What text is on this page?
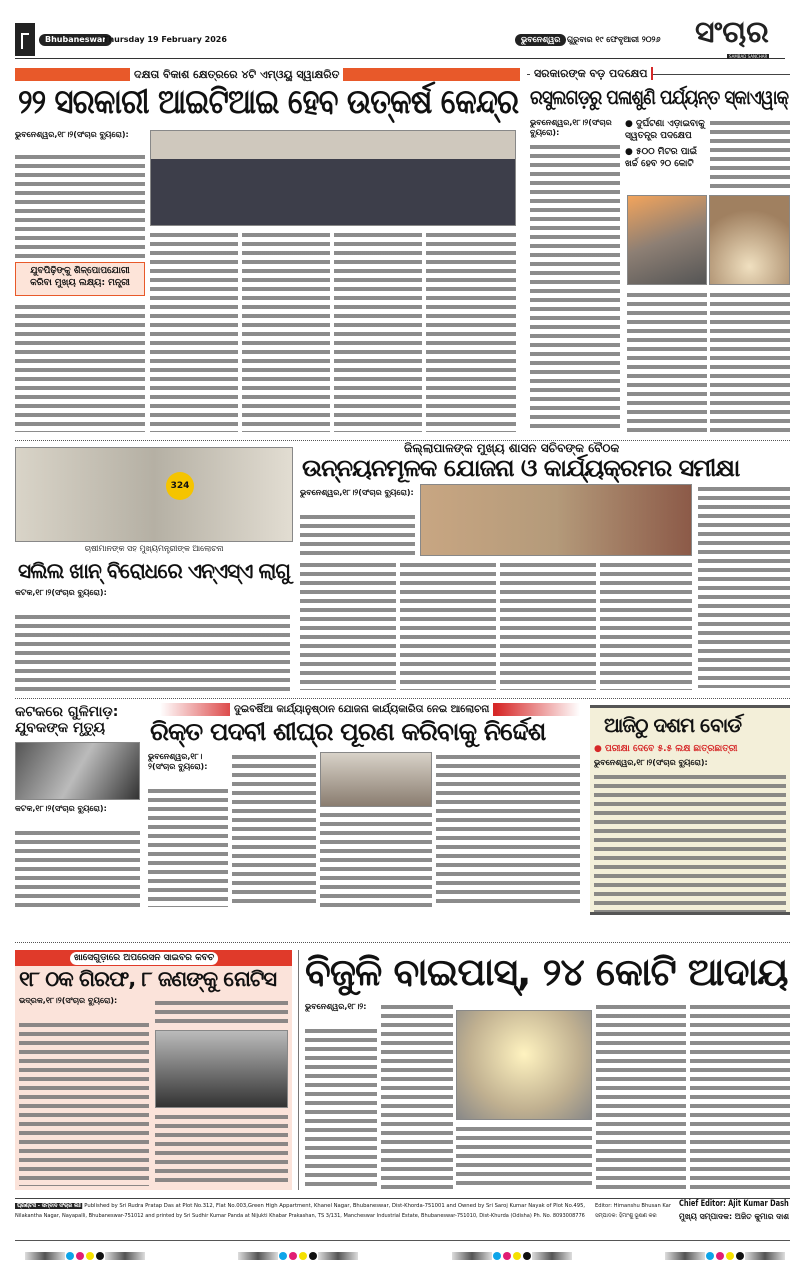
Bhubaneswar
Thursday 19 February 2026	ଭୁବନେଶ୍ୱର ଗୁରୁବାର ୧୯ ଫେବୃଆରୀ ୨୦୨୬ ସଂଚାର
SAMBAD SANCHAR
ଦକ୍ଷତା ବିକାଶ କ୍ଷେତ୍ରରେ ୪ଟି ଏମ୍‌ଓୟୁ ସ୍ୱାକ୍ଷରିତ
୨୨ ସରକାରୀ ଆଇଟିଆଇ ହେବ ଉତ୍କର୍ଷ କେନ୍ଦ୍ର
ଭୁବନେଶ୍ୱର,୧୮।୨(ସଂଚାର ବ୍ୟୁରୋ):
ଯୁବପିଢ଼ିଙ୍କୁ ଶିଳ୍ପୋପଯୋଗୀ କରିବା ମୁଖ୍ୟ ଲକ୍ଷ୍ୟ: ମନ୍ତ୍ରୀ
ସରକାରଙ୍କ ବଡ଼ ପଦକ୍ଷେପ
ରସୁଲଗଡ଼ରୁ ପଳାଶୁଣି ପର୍ଯ୍ୟନ୍ତ ସ୍କାଏୱାକ୍
ଭୁବନେଶ୍ୱର,୧୮।୨(ସଂଚାର ବ୍ୟୁରୋ):
● ଦୁର୍ଘଟଣା ଏଡ଼ାଇବାକୁ ସ୍ୱତନ୍ତ୍ର ପଦକ୍ଷେପ
● ୫୦୦ ମିଟର ପାଇଁ ଖର୍ଚ୍ଚ ହେବ ୨୦ କୋଟି
324
ଚାଷୀମାନଙ୍କ ସହ ମୁଖ୍ୟମନ୍ତ୍ରୀଙ୍କ ଆଲୋଚନା
ଜିଲ୍ଲାପାଳଙ୍କ ମୁଖ୍ୟ ଶାସନ ସଚିବଙ୍କ ବୈଠକ
ଉନ୍ନୟନମୂଳକ ଯୋଜନା ଓ କାର୍ଯ୍ୟକ୍ରମର ସମୀକ୍ଷା
ଭୁବନେଶ୍ୱର,୧୮।୨(ସଂଚାର ବ୍ୟୁରୋ):
ସଲିଲ ଖାନ୍ ବିରୋଧରେ ଏନ୍‌ଏସ୍‌ଏ ଲାଗୁ
କଟକ,୧୮।୨(ସଂଚାର ବ୍ୟୁରୋ):
କଟକରେ ଗୁଳିମାଡ଼: ଯୁବକଙ୍କ ମୃତ୍ୟୁ
କଟକ,୧୮।୨(ସଂଚାର ବ୍ୟୁରୋ):
ଦୁଇବର୍ଷିଆ କାର୍ଯ୍ୟାନୁଷ୍ଠାନ ଯୋଜନା କାର୍ଯ୍ୟକାରିତା ନେଇ ଆଲୋଚନା
ରିକ୍ତ ପଦବୀ ଶୀଘ୍ର ପୂରଣ କରିବାକୁ ନିର୍ଦ୍ଦେଶ
ଭୁବନେଶ୍ୱର,୧୮।୨(ସଂଚାର ବ୍ୟୁରୋ):
ଆଜିଠୁ ଦଶମ ବୋର୍ଡ
● ପରୀକ୍ଷା ଦେବେ ୫.୫ ଲକ୍ଷ ଛାତ୍ରଛାତ୍ରୀ
ଭୁବନେଶ୍ୱର,୧୮।୨(ସଂଚାର ବ୍ୟୁରୋ):
ଖାସେଗୁଡ଼ାରେ ଅପରେସନ ସାଇବର କବଚ
୧୮ ଠକ ଗିରଫ, ୮ ଜଣଙ୍କୁ ନୋଟିସ
ଭଦ୍ରକ,୧୮।୨(ସଂଚାର ବ୍ୟୁରୋ):
ବିଜୁଳି ବାଇପାସ୍, ୨୪ କୋଟି ଆଦାୟ
ଭୁବନେଶ୍ୱର,୧୮।୨:
ପ୍ରିଣ୍ଟର୍ସ - ସମ୍ବାଦ ସଂଚାର ଲିଃ Published by Sri Rudra Pratap Das at Plot No.312, Flat No.003,Green High Appartment, Khanel Nagar, Bhubaneswar, Dist-Khorda-751001 and Owned by Sri Saroj Kumar Nayak of Plot No.495,
Nilakantha Nagar, Nayapalli, Bhubaneswar-751012 and printed by Sri Sudhir Kumar Panda at Nijukti Khabar Prakashan, TS 3/131, Mancheswar Industrial Estate, Bhubaneswar-751010, Dist-Khurda (Odisha) Ph. No. 8093008776
Editor: Himanshu Bhusan Kar
ସମ୍ପାଦକ: ହିମାଂଶୁ ଭୂଷଣ କର
Chief Editor: Ajit Kumar Dash
ମୁଖ୍ୟ ସମ୍ପାଦକ: ଅଜିତ କୁମାର ଦାଶ
